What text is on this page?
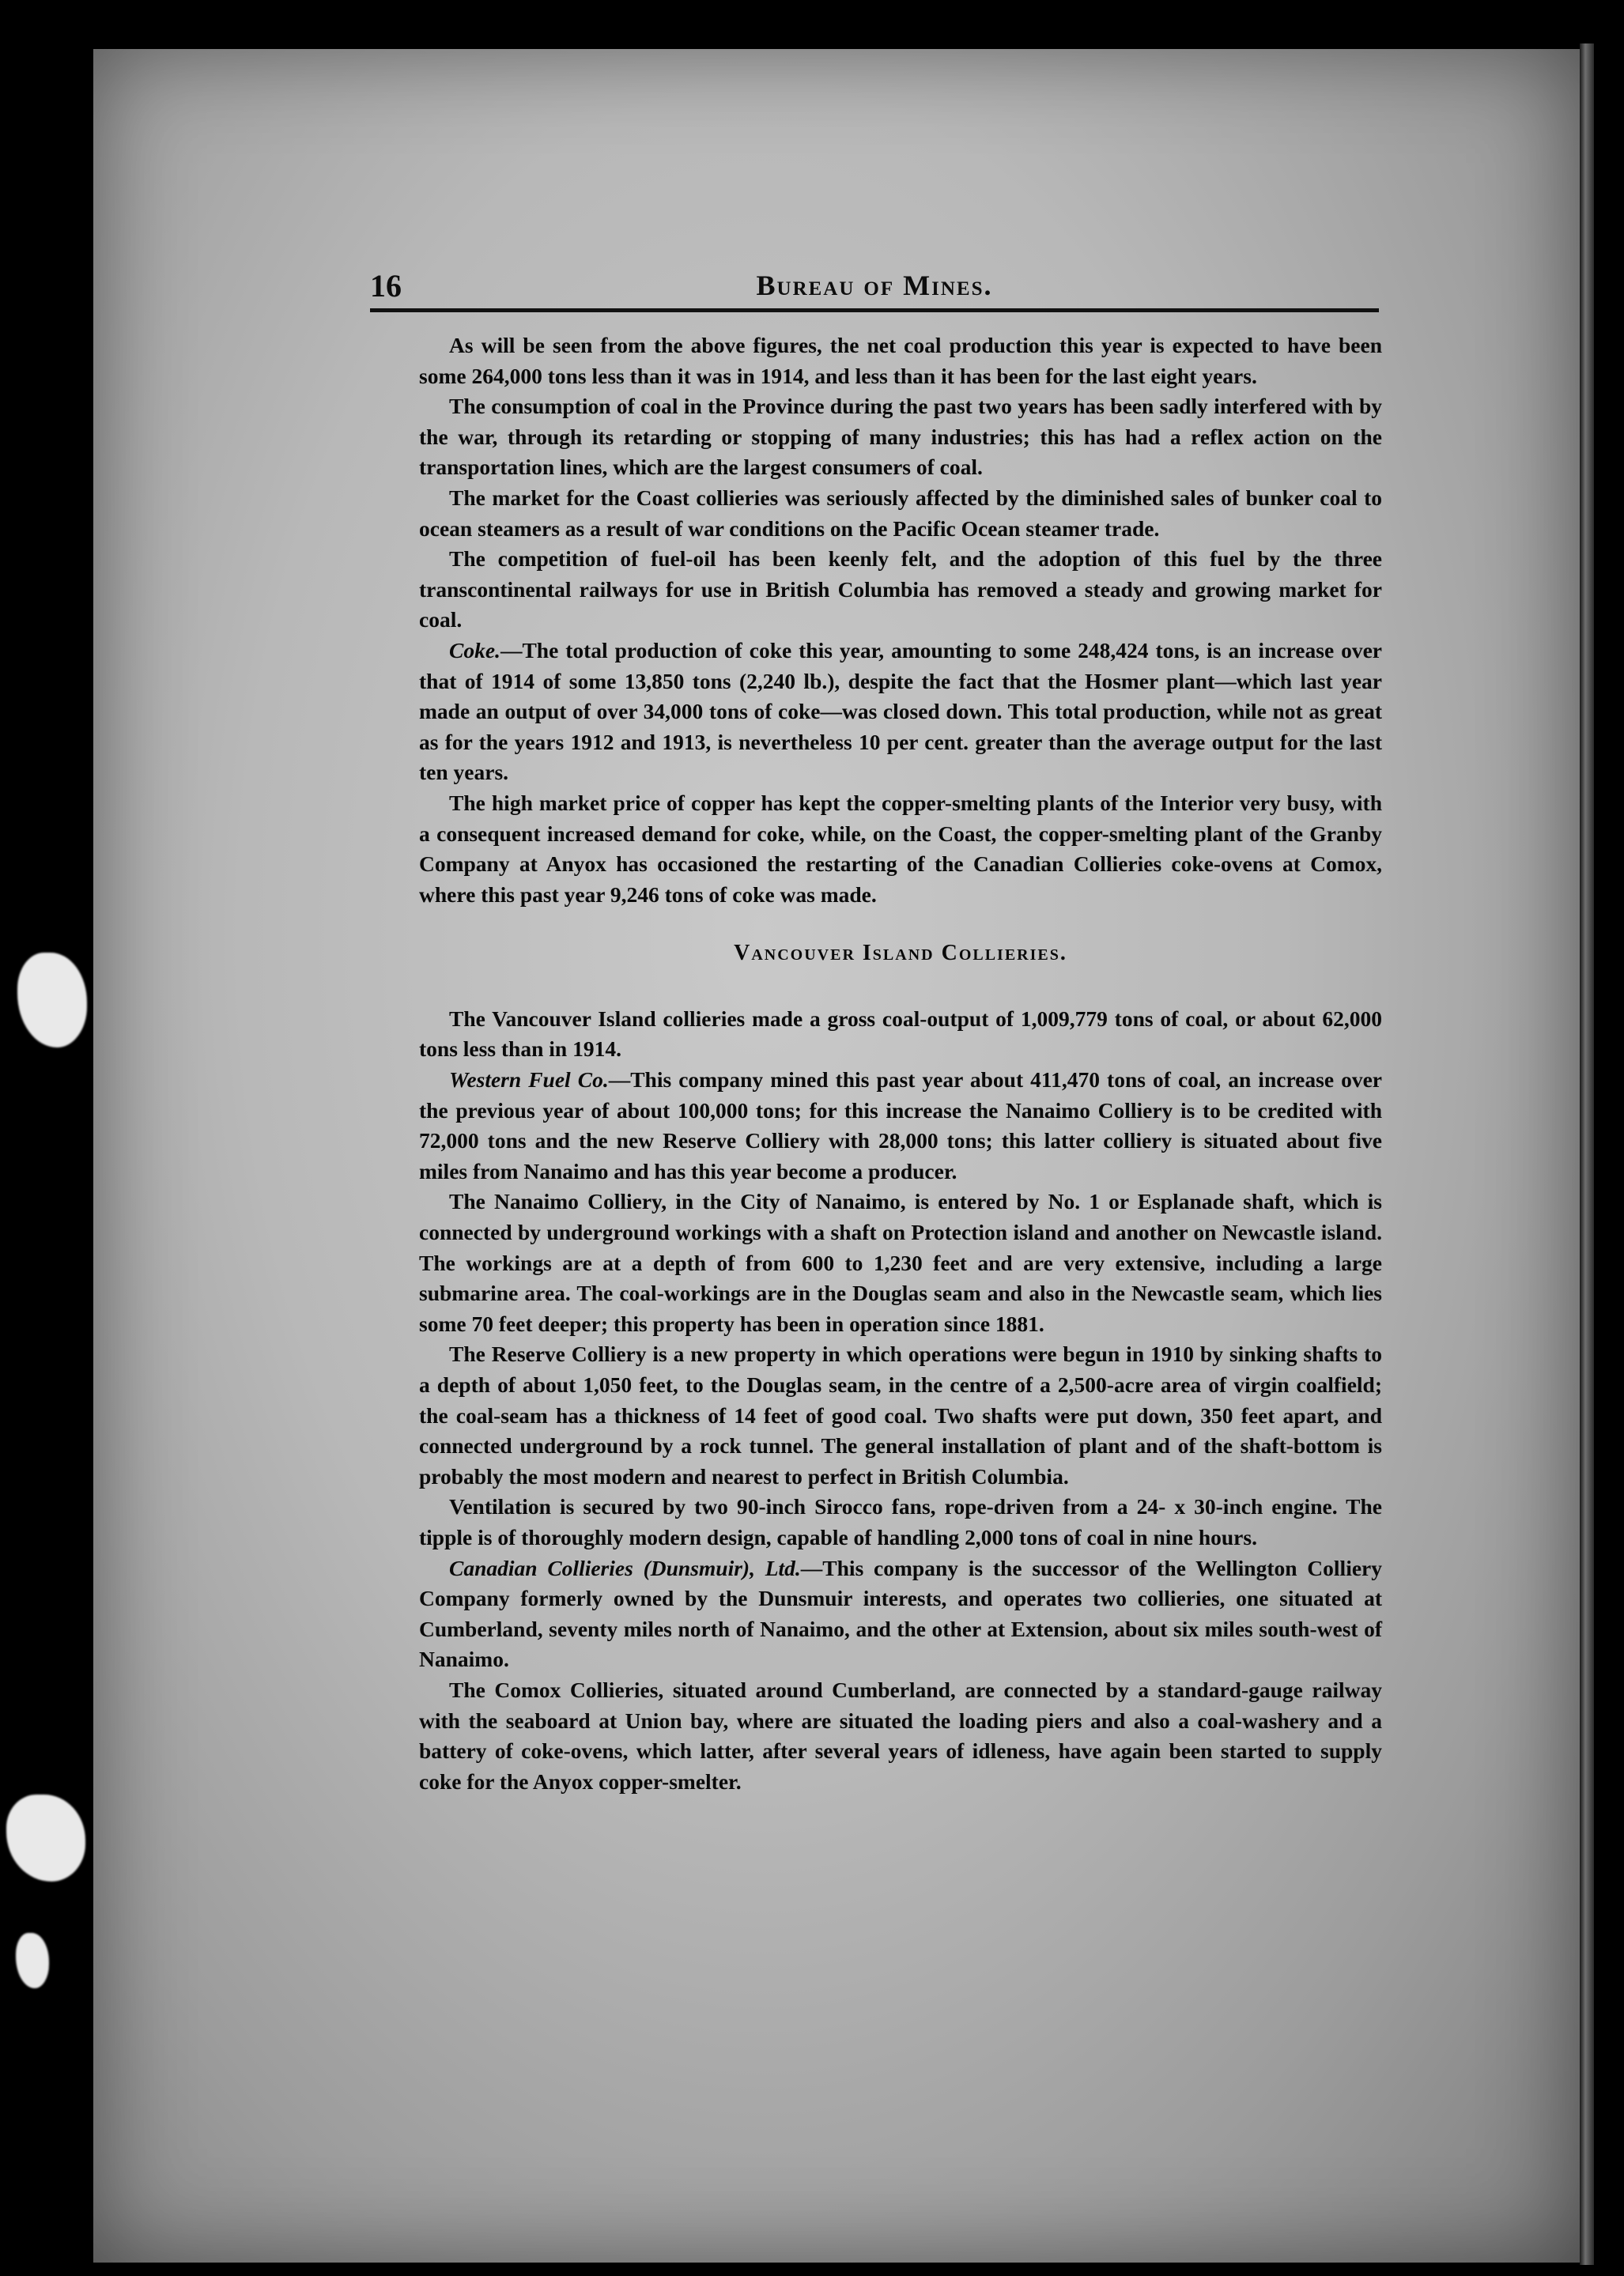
16	Bureau of Mines.

As will be seen from the above figures, the net coal production this year is expected to have been some 264,000 tons less than it was in 1914, and less than it has been for the last eight years.

The consumption of coal in the Province during the past two years has been sadly interfered with by the war, through its retarding or stopping of many industries; this has had a reflex action on the transportation lines, which are the largest consumers of coal.

The market for the Coast collieries was seriously affected by the diminished sales of bunker coal to ocean steamers as a result of war conditions on the Pacific Ocean steamer trade.

The competition of fuel-oil has been keenly felt, and the adoption of this fuel by the three transcontinental railways for use in British Columbia has removed a steady and growing market for coal.

Coke.—The total production of coke this year, amounting to some 248,424 tons, is an increase over that of 1914 of some 13,850 tons (2,240 lb.), despite the fact that the Hosmer plant—which last year made an output of over 34,000 tons of coke—was closed down. This total production, while not as great as for the years 1912 and 1913, is nevertheless 10 per cent. greater than the average output for the last ten years.

The high market price of copper has kept the copper-smelting plants of the Interior very busy, with a consequent increased demand for coke, while, on the Coast, the copper-smelting plant of the Granby Company at Anyox has occasioned the restarting of the Canadian Collieries coke-ovens at Comox, where this past year 9,246 tons of coke was made.

Vancouver Island Collieries.

The Vancouver Island collieries made a gross coal-output of 1,009,779 tons of coal, or about 62,000 tons less than in 1914.

Western Fuel Co.—This company mined this past year about 411,470 tons of coal, an increase over the previous year of about 100,000 tons; for this increase the Nanaimo Colliery is to be credited with 72,000 tons and the new Reserve Colliery with 28,000 tons; this latter colliery is situated about five miles from Nanaimo and has this year become a producer.

The Nanaimo Colliery, in the City of Nanaimo, is entered by No. 1 or Esplanade shaft, which is connected by underground workings with a shaft on Protection island and another on Newcastle island. The workings are at a depth of from 600 to 1,230 feet and are very extensive, including a large submarine area. The coal-workings are in the Douglas seam and also in the Newcastle seam, which lies some 70 feet deeper; this property has been in operation since 1881.

The Reserve Colliery is a new property in which operations were begun in 1910 by sinking shafts to a depth of about 1,050 feet, to the Douglas seam, in the centre of a 2,500-acre area of virgin coalfield; the coal-seam has a thickness of 14 feet of good coal. Two shafts were put down, 350 feet apart, and connected underground by a rock tunnel. The general installation of plant and of the shaft-bottom is probably the most modern and nearest to perfect in British Columbia.

Ventilation is secured by two 90-inch Sirocco fans, rope-driven from a 24- x 30-inch engine. The tipple is of thoroughly modern design, capable of handling 2,000 tons of coal in nine hours.

Canadian Collieries (Dunsmuir), Ltd.—This company is the successor of the Wellington Colliery Company formerly owned by the Dunsmuir interests, and operates two collieries, one situated at Cumberland, seventy miles north of Nanaimo, and the other at Extension, about six miles south-west of Nanaimo.

The Comox Collieries, situated around Cumberland, are connected by a standard-gauge railway with the seaboard at Union bay, where are situated the loading piers and also a coal-washery and a battery of coke-ovens, which latter, after several years of idleness, have again been started to supply coke for the Anyox copper-smelter.
